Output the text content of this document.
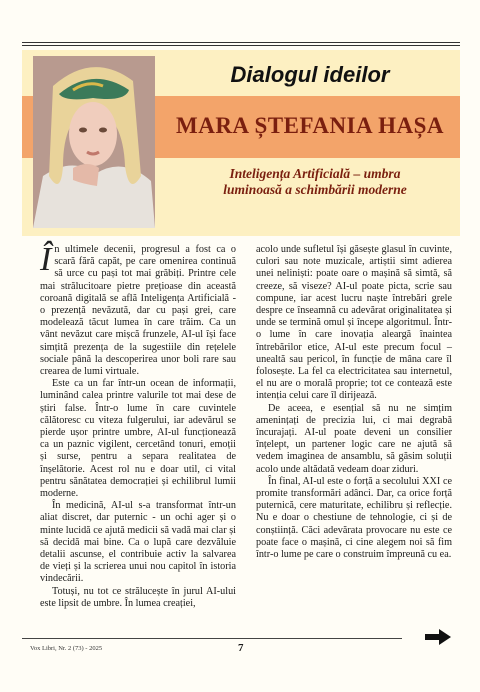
Dialogul ideilor
MARA ȘTEFANIA HAȘA
Inteligența Artificială – umbra luminoasă a schimbării moderne

În ultimele decenii, progresul a fost ca o scară fără capăt, pe care omenirea continuă să urce cu pași tot mai grăbiți. Printre cele mai strălucitoare pietre prețioase din această coroană digitală se află Inteligența Artificială - o prezență nevăzută, dar cu pași grei, care modelează tăcut lumea în care trăim. Ca un vânt nevăzut care mișcă frunzele, AI-ul își face simțită prezența de la sugestiile din rețelele sociale până la descoperirea unor boli rare sau crearea de lumi virtuale.

Este ca un far într-un ocean de informații, luminând calea printre valurile tot mai dese de știri false. Într-o lume în care cuvintele călătoresc cu viteza fulgerului, iar adevărul se pierde ușor printre umbre, AI-ul funcționează ca un paznic vigilent, cercetând tonuri, emoții și surse, pentru a separa realitatea de înșelătorie. Acest rol nu e doar util, ci vital pentru sănătatea democrației și echilibrul lumii moderne.

În medicină, AI-ul s-a transformat într-un aliat discret, dar puternic - un ochi ager și o minte lucidă ce ajută medicii să vadă mai clar și să decidă mai bine. Ca o lupă care dezvăluie detalii ascunse, el contribuie activ la salvarea de vieți și la scrierea unui nou capitol în istoria vindecării.

Totuși, nu tot ce strălucește în jurul AI-ului este lipsit de umbre. În lumea creației,

acolo unde sufletul își găsește glasul în cuvinte, culori sau note muzicale, artiștii simt adierea unei neliniști: poate oare o mașină să simtă, să creeze, să viseze? AI-ul poate picta, scrie sau compune, iar acest lucru naște întrebări grele despre ce înseamnă cu adevărat originalitatea și unde se termină omul și începe algoritmul. Într-o lume în care inovația aleargă înaintea întrebărilor etice, AI-ul este precum focul – unealtă sau pericol, în funcție de mâna care îl folosește. La fel ca electricitatea sau internetul, el nu are o morală proprie; tot ce contează este intenția celui care îl dirijează.

De aceea, e esențial să nu ne simțim amenințați de precizia lui, ci mai degrabă încurajați. AI-ul poate deveni un consilier înțelept, un partener logic care ne ajută să vedem imaginea de ansamblu, să găsim soluții acolo unde altădată vedeam doar ziduri.

În final, AI-ul este o forță a secolului XXI ce promite transformări adânci. Dar, ca orice forță puternică, cere maturitate, echilibru și reflecție. Nu e doar o chestiune de tehnologie, ci și de conștiință. Căci adevărata provocare nu este ce poate face o mașină, ci cine alegem noi să fim într-o lume pe care o construim împreună cu ea.

Vox Libri, Nr. 2 (73) - 2025	7
